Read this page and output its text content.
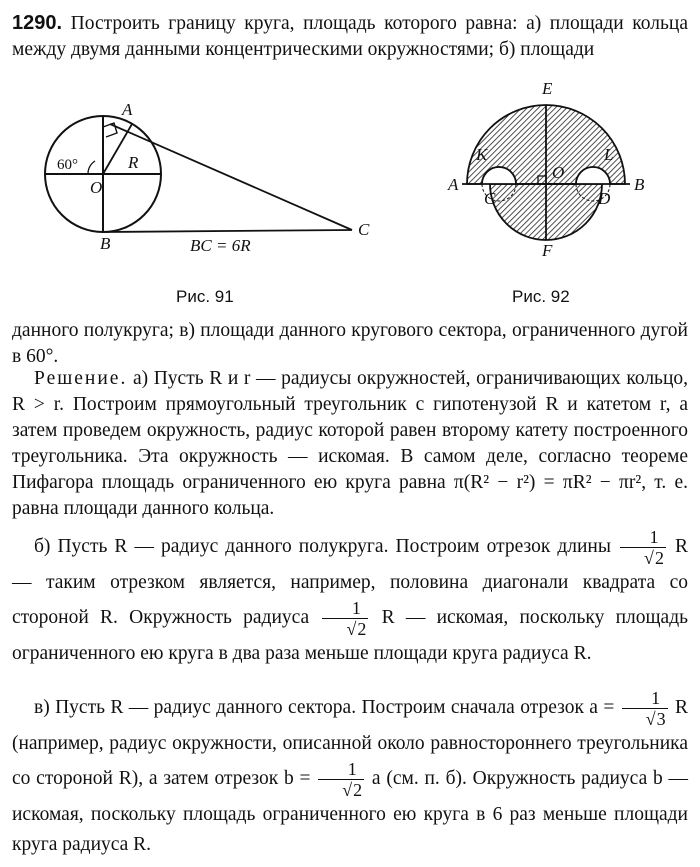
1290. Построить границу круга, площадь которого равна: а) площади кольца между двумя данными концентрическими окружностями; б) площади
A
B
C
O
R
60°
BC = 6R
Рис. 91
E
F
A	B
C	D
K	L
O
Рис. 92
данного полукруга; в) площади данного кругового сектора, ограниченного дугой в 60°.
Решение. а) Пусть R и r — радиусы окружностей, ограничивающих кольцо, R > r. Построим прямоугольный треугольник с гипотенузой R и катетом r, а затем проведем окружность, радиус которой равен второму катету построенного треугольника. Эта окружность — искомая. В самом деле, согласно теореме Пифагора площадь ограниченного ею круга равна π(R² − r²) = πR² − πr², т. е. равна площади данного кольца.
б) Пусть R — радиус данного полукруга. Построим отрезок длины $\frac{1}{√2}$ R — таким отрезком является, например, половина диагонали квадрата со стороной R. Окружность радиуса $\frac{1}{√2}$ R — искомая, поскольку площадь ограниченного ею круга в два раза меньше площади круга радиуса R.
в) Пусть R — радиус данного сектора. Построим сначала отрезок $a = \frac{1}{√3}$ R (например, радиус окружности, описанной около равностороннего треугольника со стороной R), а затем отрезок $b = \frac{1}{√2}$ a (см. п. б). Окружность радиуса b — искомая, поскольку площадь ограниченного ею круга в 6 раз меньше площади круга радиуса R.
